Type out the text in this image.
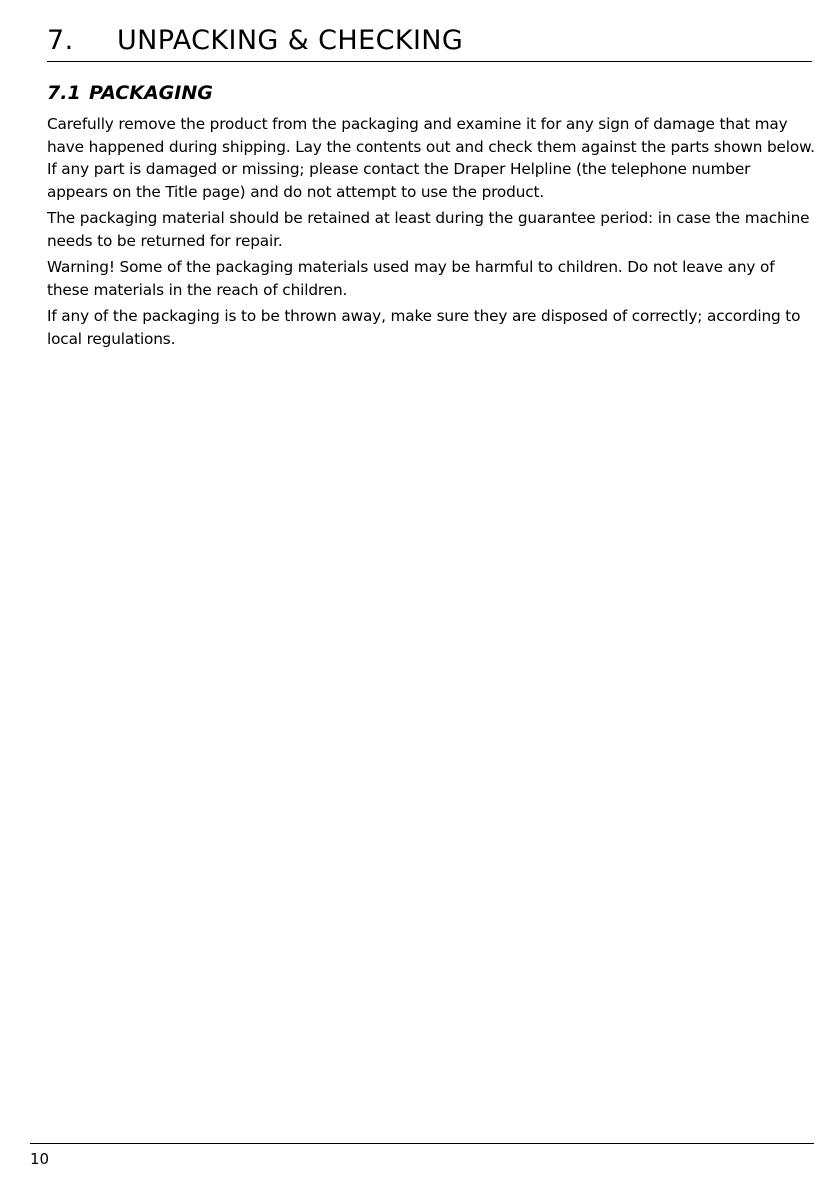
7. UNPACKING & CHECKING
7.1 PACKAGING

Carefully remove the product from the packaging and examine it for any sign of damage that may have happened during shipping. Lay the contents out and check them against the parts shown below. If any part is damaged or missing; please contact the Draper Helpline (the telephone number appears on the Title page) and do not attempt to use the product.

The packaging material should be retained at least during the guarantee period: in case the machine needs to be returned for repair.

Warning! Some of the packaging materials used may be harmful to children. Do not leave any of these materials in the reach of children.

If any of the packaging is to be thrown away, make sure they are disposed of correctly; according to local regulations.

10
